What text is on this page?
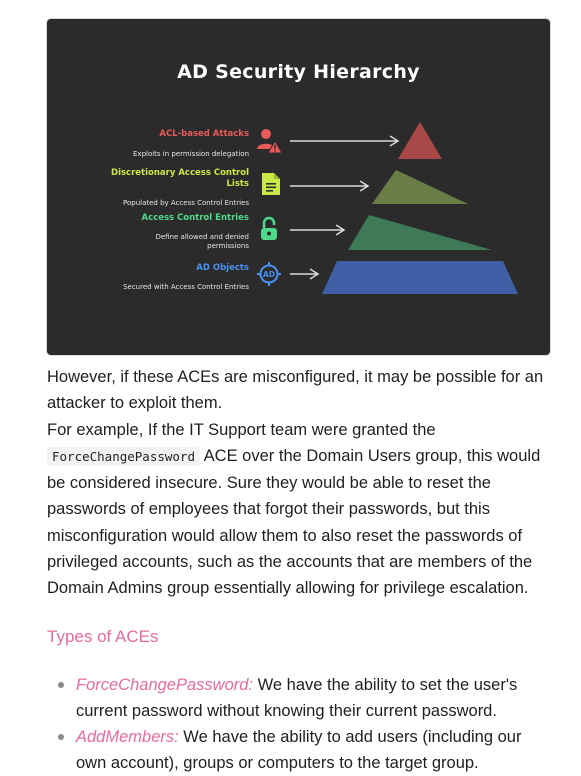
AD Security Hierarchy
ACL-based Attacks
Exploits in permission delegation
Discretionary Access Control Lists
Populated by Access Control Entries
Access Control Entries
Define allowed and denied permissions
AD Objects
Secured with Access Control Entries
AD

However, if these ACEs are misconfigured, it may be possible for an attacker to exploit them.

For example, If the IT Support team were granted the ForceChangePassword ACE over the Domain Users group, this would be considered insecure. Sure they would be able to reset the passwords of employees that forgot their passwords, but this misconfiguration would allow them to also reset the passwords of privileged accounts, such as the accounts that are members of the Domain Admins group essentially allowing for privilege escalation.

Types of ACEs
ForceChangePassword: We have the ability to set the user's current password without knowing their current password.
AddMembers: We have the ability to add users (including our own account), groups or computers to the target group.
